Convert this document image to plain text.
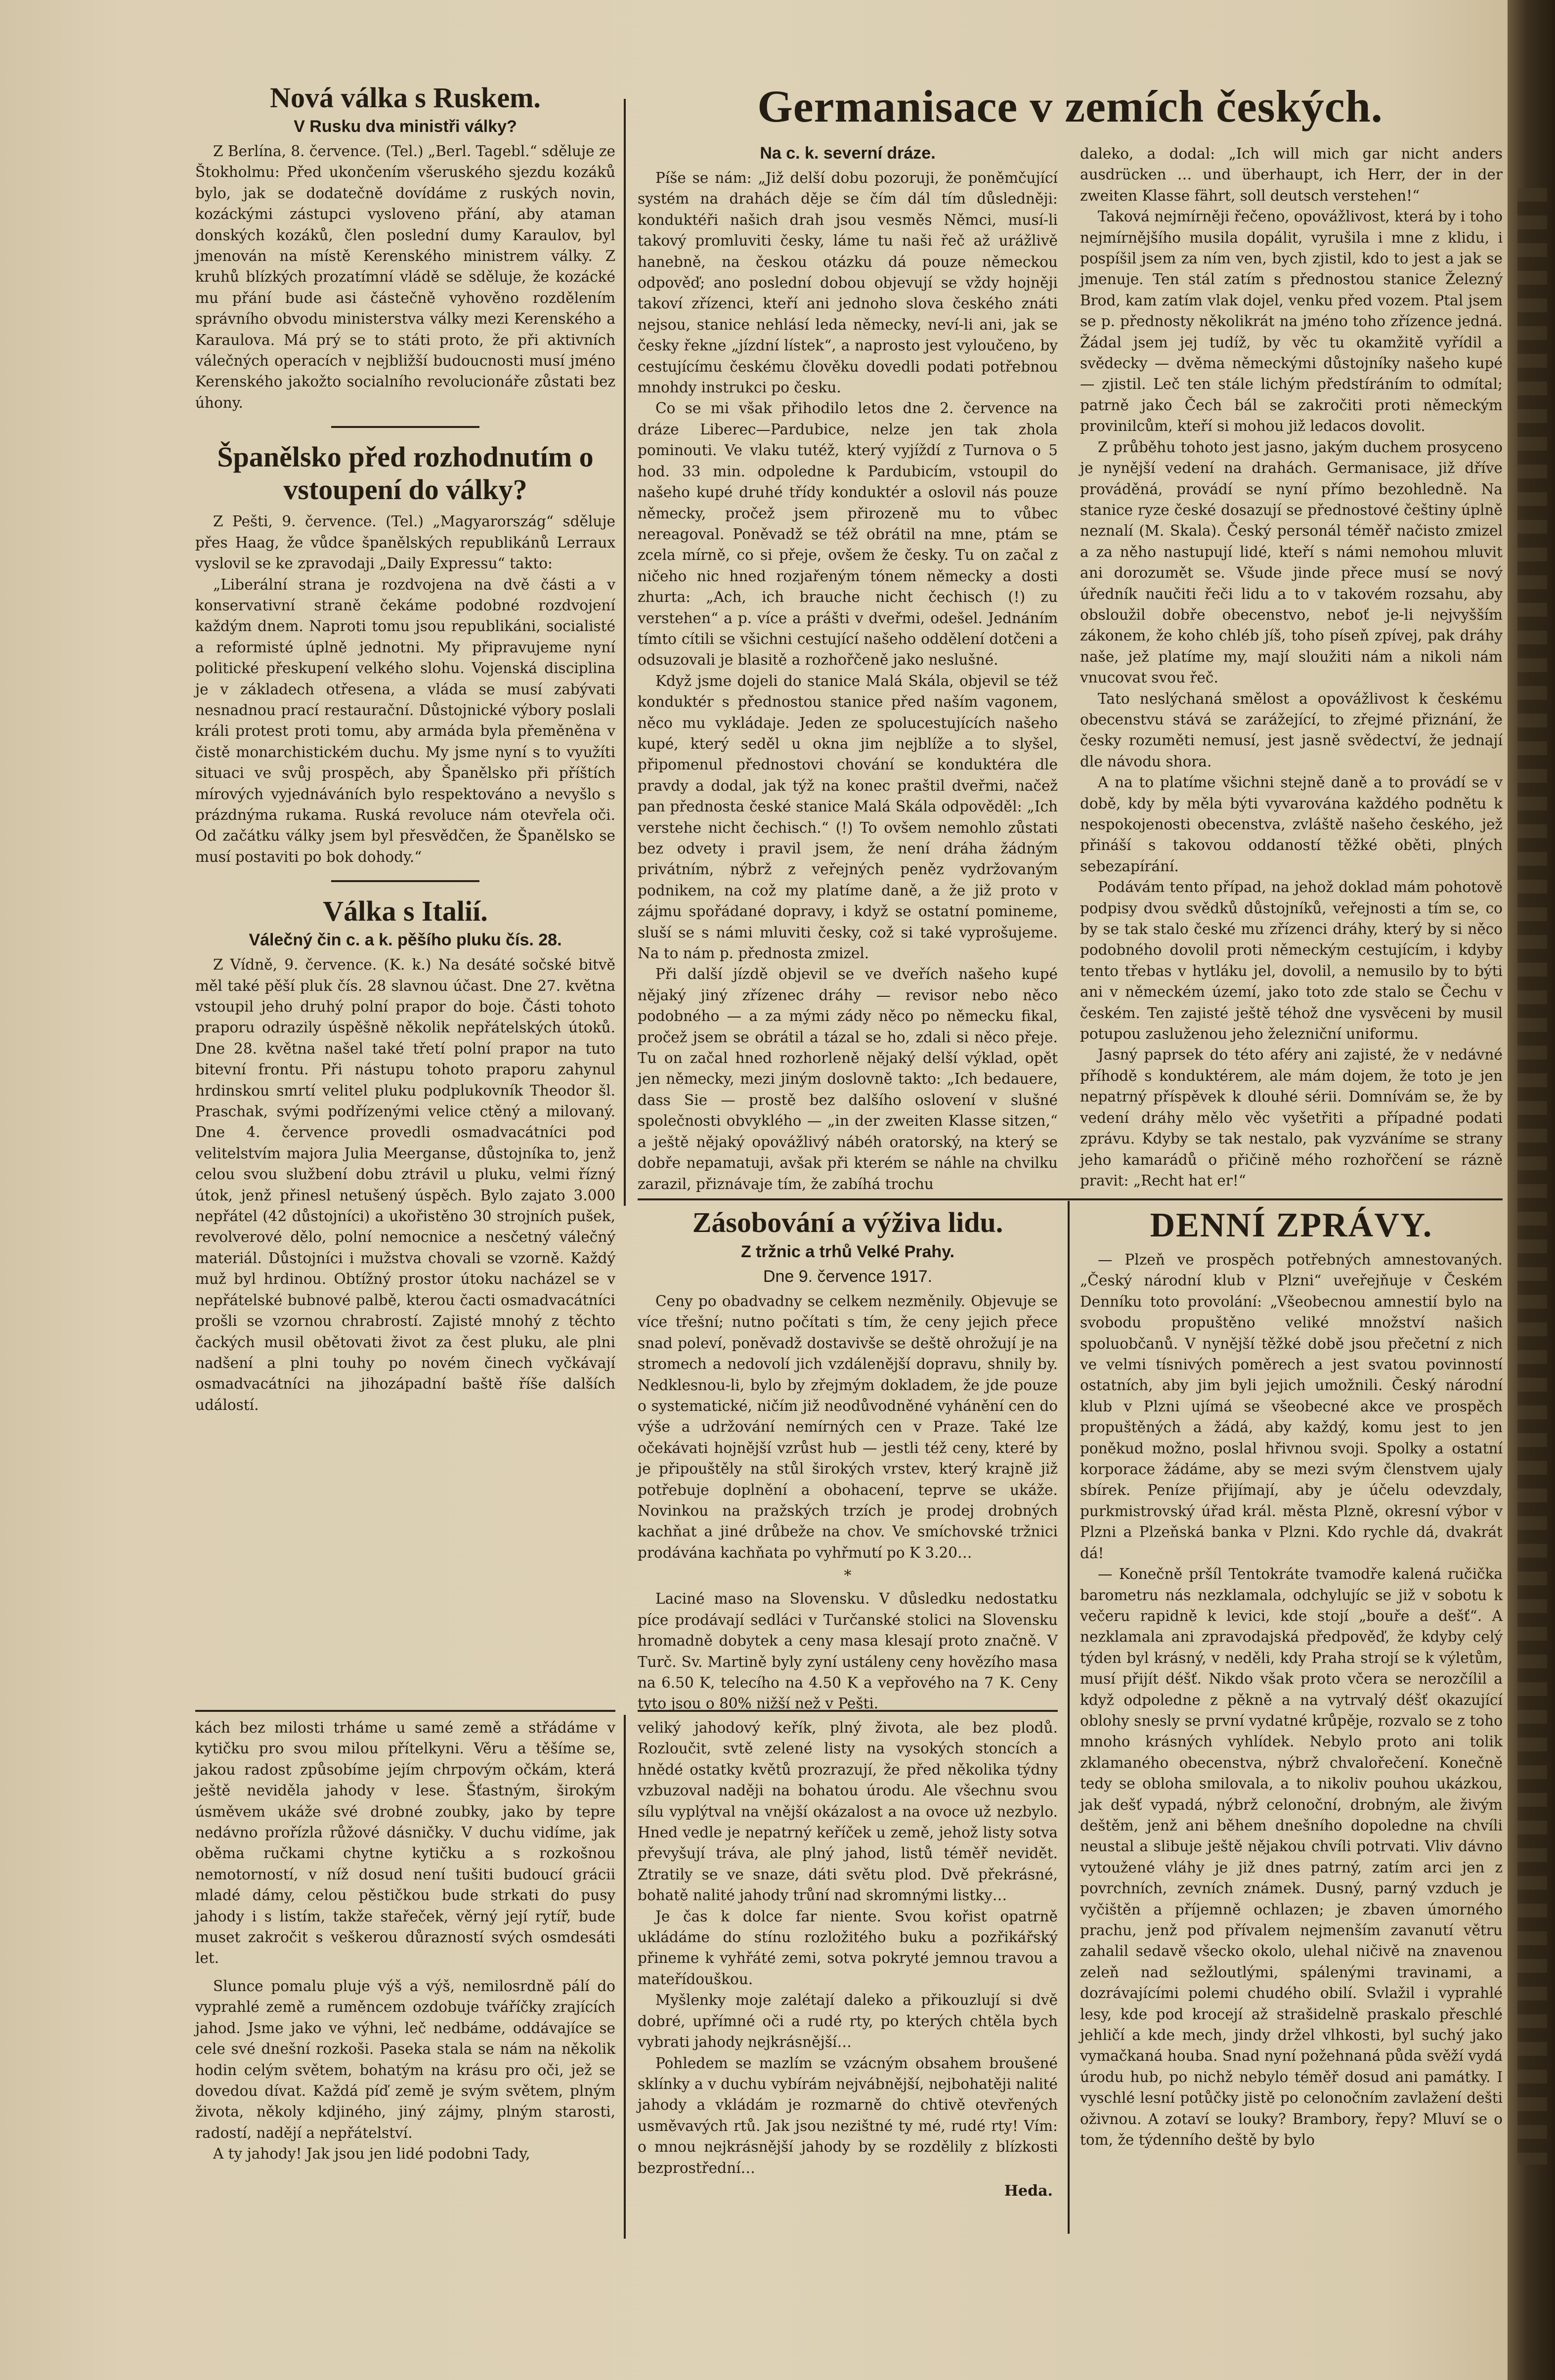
Nová válka s Ruskem.
V Rusku dva ministři války?

Z Berlína, 8. července. (Tel.) „Berl. Tagebl.“ sděluje ze Štokholmu: Před ukončením všeruského sjezdu kozáků bylo, jak se dodatečně dovídáme z ruských novin, kozáckými zástupci vysloveno přání, aby ataman donských kozáků, člen poslední dumy Karaulov, byl jmenován na místě Kerenského ministrem války. Z kruhů blízkých prozatímní vládě se sděluje, že kozácké mu přání bude asi částečně vyhověno rozdělením správního obvodu ministerstva války mezi Kerenského a Karaulova. Má prý se to státi proto, že při aktivních válečných operacích v nejbližší budoucnosti musí jméno Kerenského jakožto socialního revolucionáře zůstati bez úhony.

Španělsko před rozhodnutím o vstoupení do války?

Z Pešti, 9. července. (Tel.) „Magyarország“ sděluje přes Haag, že vůdce španělských republikánů Lerraux vyslovil se ke zpravodaji „Daily Expressu“ takto:

„Liberální strana je rozdvojena na dvě části a v konservativní straně čekáme podobné rozdvojení každým dnem. Naproti tomu jsou republikáni, socialisté a reformisté úplně jednotni. My připravujeme nyní politické přeskupení velkého slohu. Vojenská disciplina je v základech otřesena, a vláda se musí zabývati nesnadnou prací restaurační. Důstojnické výbory poslali králi protest proti tomu, aby armáda byla přeměněna v čistě monarchistickém duchu. My jsme nyní s to využíti situaci ve svůj prospěch, aby Španělsko při příštích mírových vyjednáváních bylo respektováno a nevyšlo s prázdnýma rukama. Ruská revoluce nám otevřela oči. Od začátku války jsem byl přesvědčen, že Španělsko se musí postaviti po bok dohody.“

Válka s Italií.
Válečný čin c. a k. pěšího pluku čís. 28.

Z Vídně, 9. července. (K. k.) Na desáté sočské bitvě měl také pěší pluk čís. 28 slavnou účast. Dne 27. května vstoupil jeho druhý polní prapor do boje. Části tohoto praporu odrazily úspěšně několik nepřátelských útoků. Dne 28. května našel také třetí polní prapor na tuto bitevní frontu. Při nástupu tohoto praporu zahynul hrdinskou smrtí velitel pluku podplukovník Theodor šl. Praschak, svými podřízenými velice ctěný a milovaný. Dne 4. července provedli osmadvacátníci pod velitelstvím majora Julia Meerganse, důstojníka to, jenž celou svou službení dobu ztrávil u pluku, velmi řízný útok, jenž přinesl netušený úspěch. Bylo zajato 3.000 nepřátel (42 důstojníci) a ukořistěno 30 strojních pušek, revolverové dělo, polní nemocnice a nesčetný válečný materiál. Důstojníci i mužstva chovali se vzorně. Každý muž byl hrdinou. Obtížný prostor útoku nacházel se v nepřátelské bubnové palbě, kterou čacti osmadvacátníci prošli se vzornou chrabrostí. Zajisté mnohý z těchto čackých musil obětovati život za čest pluku, ale plni nadšení a plni touhy po novém činech vyčkávají osmadvacátníci na jihozápadní baště říše dalších událostí.

kách bez milosti trháme u samé země a střádáme v kytičku pro svou milou přítelkyni. Věru a těšíme se, jakou radost způsobíme jejím chrpovým očkám, která ještě neviděla jahody v lese. Šťastným, širokým úsměvem ukáže své drobné zoubky, jako by tepre nedávno prořízla růžové dásničky. V duchu vidíme, jak oběma ručkami chytne kytičku a s rozkošnou nemotorností, v níž dosud není tušiti budoucí grácii mladé dámy, celou pěstičkou bude strkati do pusy jahody i s listím, takže stařeček, věrný její rytíř, bude muset zakročit s veškerou důrazností svých osmdesáti let.

Slunce pomalu pluje výš a výš, nemilosrdně pálí do vyprahlé země a ruměncem ozdobuje tváříčky zrajících jahod. Jsme jako ve výhni, leč nedbáme, oddávajíce se cele své dnešní rozkoši. Paseka stala se nám na několik hodin celým světem, bohatým na krásu pro oči, jež se dovedou dívat. Každá píď země je svým světem, plným života, několy kdjiného, jiný zájmy, plným starosti, radostí, nadějí a nepřátelství.

A ty jahody! Jak jsou jen lidé podobni Tady,

Germanisace v zemích českých.
Na c. k. severní dráze.

Píše se nám: „Již delší dobu pozoruji, že poněmčující systém na drahách děje se čím dál tím důsledněji: konduktéři našich drah jsou vesměs Němci, musí-li takový promluviti česky, láme tu naši řeč až urážlivě hanebně, na českou otázku dá pouze německou odpověď; ano poslední dobou objevují se vždy hojněji takoví zřízenci, kteří ani jednoho slova českého znáti nejsou, stanice nehlásí leda německy, neví-li ani, jak se česky řekne „jízdní lístek“, a naprosto jest vyloučeno, by cestujícímu českému člověku dovedli podati potřebnou mnohdy instrukci po česku.

Co se mi však přihodilo letos dne 2. července na dráze Liberec—Pardubice, nelze jen tak zhola pominouti. Ve vlaku tutéž, který vyjíždí z Turnova o 5 hod. 33 min. odpoledne k Pardubicím, vstoupil do našeho kupé druhé třídy konduktér a oslovil nás pouze německy, pročež jsem přirozeně mu to vůbec nereagoval. Poněvadž se též obrátil na mne, ptám se zcela mírně, co si přeje, ovšem že česky. Tu on začal z ničeho nic hned rozjařeným tónem německy a dosti zhurta: „Ach, ich brauche nicht čechisch (!) zu verstehen“ a p. více a prášti v dveřmi, odešel. Jednáním tímto cítili se všichni cestující našeho oddělení dotčeni a odsuzovali je blasitě a rozhořčeně jako neslušné.

Když jsme dojeli do stanice Malá Skála, objevil se též konduktér s přednostou stanice před naším vagonem, něco mu vykládaje. Jeden ze spolucestujících našeho kupé, který seděl u okna jim nejblíže a to slyšel, připomenul přednostovi chování se konduktéra dle pravdy a dodal, jak týž na konec praštil dveřmi, načež pan přednosta české stanice Malá Skála odpověděl: „Ich verstehe nicht čechisch.“ (!) To ovšem nemohlo zůstati bez odvety i pravil jsem, že není dráha žádným privátním, nýbrž z veřejných peněz vydržovaným podnikem, na což my platíme daně, a že již proto v zájmu spořádané dopravy, i když se ostatní pomineme, sluší se s námi mluviti česky, což si také vyprošujeme. Na to nám p. přednosta zmizel.

Při další jízdě objevil se ve dveřích našeho kupé nějaký jiný zřízenec dráhy — revisor nebo něco podobného — a za mými zády něco po německu fikal, pročež jsem se obrátil a tázal se ho, zdali si něco přeje. Tu on začal hned rozhorleně nějaký delší výklad, opět jen německy, mezi jiným doslovně takto: „Ich bedauere, dass Sie — prostě bez dalšího oslovení v slušné společnosti obvyklého — „in der zweiten Klasse sitzen,“ a ještě nějaký opovážlivý nábéh oratorský, na který se dobře nepamatuji, avšak při kterém se náhle na chvilku zarazil, přiznávaje tím, že zabíhá trochu

daleko, a dodal: „Ich will mich gar nicht anders ausdrücken … und überhaupt, ich Herr, der in der zweiten Klasse fährt, soll deutsch verstehen!“

Taková nejmírněji řečeno, opovážlivost, která by i toho nejmírnějšího musila dopálit, vyrušila i mne z klidu, i pospíšil jsem za ním ven, bych zjistil, kdo to jest a jak se jmenuje. Ten stál zatím s přednostou stanice Železný Brod, kam zatím vlak dojel, venku před vozem. Ptal jsem se p. přednosty několikrát na jméno toho zřízence jedná. Žádal jsem jej tudíž, by věc tu okamžitě vyřídil a svědecky — dvěma německými důstojníky našeho kupé — zjistil. Leč ten stále lichým předstíráním to odmítal; patrně jako Čech bál se zakročiti proti německým provinilcům, kteří si mohou již ledacos dovolit.

Z průběhu tohoto jest jasno, jakým duchem prosyceno je nynější vedení na drahách. Germanisace, již dříve prováděná, provádí se nyní přímo bezohledně. Na stanice ryze české dosazují se přednostové češtiny úplně neznalí (M. Skala). Český personál téměř načisto zmizel a za něho nastupují lidé, kteří s námi nemohou mluvit ani dorozumět se. Všude jinde přece musí se nový úředník naučiti řeči lidu a to v takovém rozsahu, aby obsloužil dobře obecenstvo, neboť je-li nejvyšším zákonem, že koho chléb jíš, toho píseň zpívej, pak dráhy naše, jež platíme my, mají sloužiti nám a nikoli nám vnucovat svou řeč.

Tato neslýchaná smělost a opovážlivost k českému obecenstvu stává se zarážející, to zřejmé přiznání, že česky rozuměti nemusí, jest jasně svědectví, že jednají dle návodu shora.

A na to platíme všichni stejně daně a to provádí se v době, kdy by měla býti vyvarována každého podnětu k nespokojenosti obecenstva, zvláště našeho českého, jež přináší s takovou oddaností těžké oběti, plných sebezapírání.

Podávám tento případ, na jehož doklad mám pohotově podpisy dvou svědků důstojníků, veřejnosti a tím se, co by se tak stalo české mu zřízenci dráhy, který by si něco podobného dovolil proti německým cestujícím, i kdyby tento třebas v hytláku jel, dovolil, a nemusilo by to býti ani v německém území, jako toto zde stalo se Čechu v českém. Ten zajisté ještě téhož dne vysvěceni by musil potupou zasluženou jeho železniční uniformu.

Jasný paprsek do této aféry ani zajisté, že v nedávné příhodě s konduktérem, ale mám dojem, že toto je jen nepatrný příspěvek k dlouhé sérii. Domnívám se, že by vedení dráhy mělo věc vyšetřiti a případné podati zprávu. Kdyby se tak nestalo, pak vyzváníme se strany jeho kamarádů o přičině mého rozhořčení se rázně pravit: „Recht hat er!“

Zásobování a výživa lidu.
Z tržnic a trhů Velké Prahy.
Dne 9. července 1917.

Ceny po obadvadny se celkem nezměnily. Objevuje se více třešní; nutno počítati s tím, že ceny jejich přece snad poleví, poněvadž dostavivše se deště ohrožují je na stromech a nedovolí jich vzdálenější dopravu, shnily by. Nedklesnou-li, bylo by zřejmým dokladem, že jde pouze o systematické, ničím již neodůvodněné vyhánění cen do výše a udržování nemírných cen v Praze. Také lze očekávati hojnější vzrůst hub — jestli též ceny, které by je připouštěly na stůl širokých vrstev, který krajně již potřebuje doplnění a obohacení, teprve se ukáže. Novinkou na pražských trzích je prodej drobných kachňat a jiné drůbeže na chov. Ve smíchovské tržnici prodávána kachňata po vyhřmutí po K 3.20…

*

Laciné maso na Slovensku. V důsledku nedostatku píce prodávají sedláci v Turčanské stolici na Slovensku hromadně dobytek a ceny masa klesají proto značně. V Turč. Sv. Martině byly zyní ustáleny ceny hovězího masa na 6.50 K, telecího na 4.50 K a vepřového na 7 K. Ceny tyto jsou o 80% nižší než v Pešti.

veliký jahodový keřík, plný života, ale bez plodů. Rozloučit, svtě zelené listy na vysokých stoncích a hnědé ostatky květů prozrazují, že před několika týdny vzbuzoval naději na bohatou úrodu. Ale všechnu svou sílu vyplýtval na vnější okázalost a na ovoce už nezbylo. Hned vedle je nepatrný keříček u země, jehož listy sotva převyšují tráva, ale plný jahod, listů téměř nevidět. Ztratily se ve snaze, dáti světu plod. Dvě překrásné, bohatě nalité jahody trůní nad skromnými listky…

Je čas k dolce far niente. Svou kořist opatrně ukládáme do stínu rozložitého buku a pozřikářský přineme k vyhřáté zemi, sotva pokryté jemnou travou a mateřídouškou.

Myšlenky moje zalétají daleko a přikouzlují si dvě dobré, upřímné oči a rudé rty, po kterých chtěla bych vybrati jahody nejkrásnější…

Pohledem se mazlím se vzácným obsahem broušené sklínky a v duchu vybírám nejvábnější, nejbohatěji nalité jahody a vkládám je rozmarně do chtivě otevřených usměvavých rtů. Jak jsou nezištné ty mé, rudé rty! Vím: o mnou nejkrásnější jahody by se rozdělily z blízkosti bezprostřední…

Heda.
DENNÍ ZPRÁVY.

— Plzeň ve prospěch potřebných amnestovaných. „Český národní klub v Plzni“ uveřejňuje v Českém Denníku toto provolání: „Všeobecnou amnestií bylo na svobodu propuštěno veliké množství našich spoluobčanů. V nynější těžké době jsou přečetní z nich ve velmi tísnivých poměrech a jest svatou povinností ostatních, aby jim byli jejich umožnili. Český národní klub v Plzni ujímá se všeobecné akce ve prospěch propuštěných a žádá, aby každý, komu jest to jen poněkud možno, poslal hřivnou svoji. Spolky a ostatní korporace žádáme, aby se mezi svým členstvem ujaly sbírek. Peníze přijímají, aby je účelu odevzdaly, purkmistrovský úřad král. města Plzně, okresní výbor v Plzni a Plzeňská banka v Plzni. Kdo rychle dá, dvakrát dá!

— Konečně pršíl Tentokráte tvamodře kalená ručička barometru nás nezklamala, odchylujíc se již v sobotu k večeru rapidně k levici, kde stojí „bouře a dešť“. A nezklamala ani zpravodajská předpověď, že kdyby celý týden byl krásný, v neděli, kdy Praha strojí se k výletům, musí přijít déšť. Nikdo však proto včera se nerozčílil a když odpoledne z pěkně a na vytrvalý déšť okazující oblohy snesly se první vydatné krůpěje, rozvalo se z toho mnoho krásných vyhlídek. Nebylo proto ani tolik zklamaného obecenstva, nýbrž chvalořečení. Konečně tedy se obloha smilovala, a to nikoliv pouhou ukázkou, jak dešť vypadá, nýbrž celonoční, drobným, ale živým deštěm, jenž ani během dnešního dopoledne na chvíli neustal a slibuje ještě nějakou chvíli potrvati. Vliv dávno vytoužené vláhy je již dnes patrný, zatím arci jen z povrchních, zevních známek. Dusný, parný vzduch je vyčištěn a příjemně ochlazen; je zbaven úmorného prachu, jenž pod přívalem nejmenším zavanutí větru zahalil sedavě všecko okolo, ulehal ničivě na znavenou zeleň nad sežloutlými, spálenými travinami, a dozrávajícími polemi chudého obilí. Svlažil i vyprahlé lesy, kde pod krocejí až strašidelně praskalo přeschlé jehličí a kde mech, jindy držel vlhkosti, byl suchý jako vymačkaná houba. Snad nyní požehnaná půda svěží vydá úrodu hub, po nichž nebylo téměř dosud ani památky. I vyschlé lesní potůčky jistě po celonočním zavlažení dešti oživnou. A zotaví se louky? Brambory, řepy? Mluví se o tom, že týdenního deště by bylo
